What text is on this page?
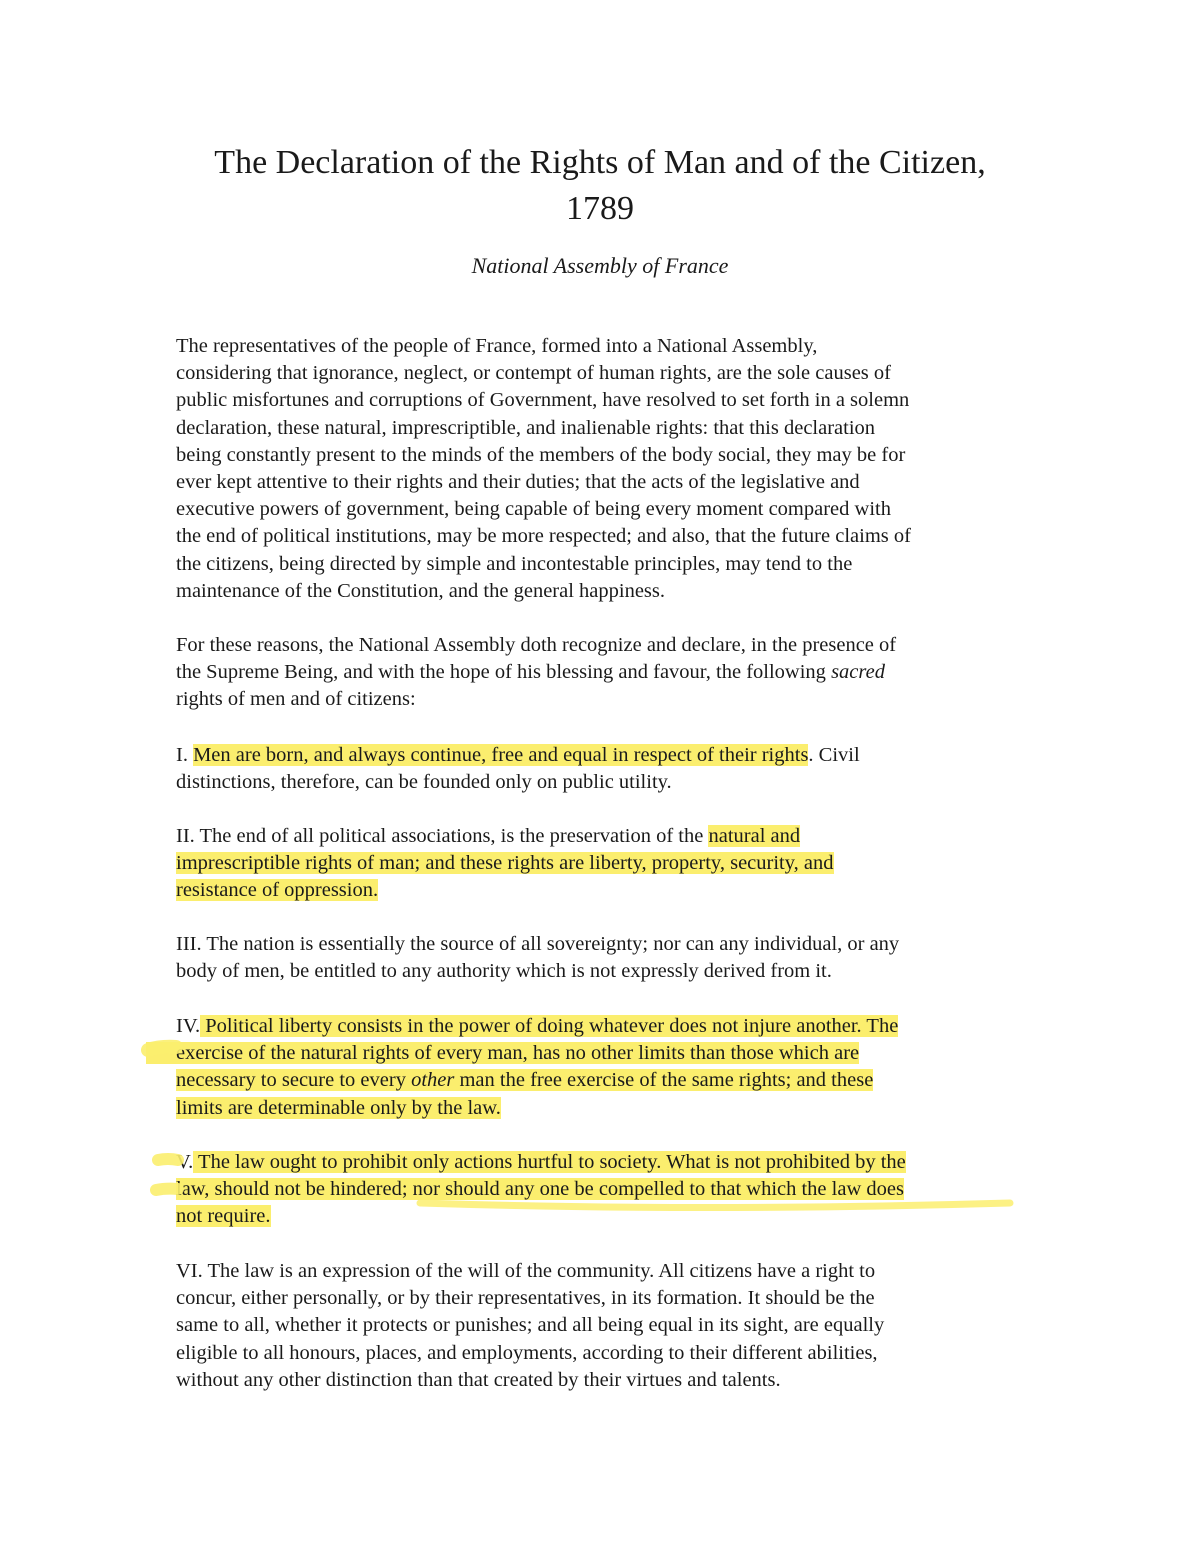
The Declaration of the Rights of Man and of the Citizen,
1789

National Assembly of France

The representatives of the people of France, formed into a National Assembly,
considering that ignorance, neglect, or contempt of human rights, are the sole causes of
public misfortunes and corruptions of Government, have resolved to set forth in a solemn
declaration, these natural, imprescriptible, and inalienable rights: that this declaration
being constantly present to the minds of the members of the body social, they may be for
ever kept attentive to their rights and their duties; that the acts of the legislative and
executive powers of government, being capable of being every moment compared with
the end of political institutions, may be more respected; and also, that the future claims of
the citizens, being directed by simple and incontestable principles, may tend to the
maintenance of the Constitution, and the general happiness.

For these reasons, the National Assembly doth recognize and declare, in the presence of
the Supreme Being, and with the hope of his blessing and favour, the following sacred
rights of men and of citizens:

I. Men are born, and always continue, free and equal in respect of their rights. Civil
distinctions, therefore, can be founded only on public utility.

II. The end of all political associations, is the preservation of the natural and
imprescriptible rights of man; and these rights are liberty, property, security, and
resistance of oppression.

III. The nation is essentially the source of all sovereignty; nor can any individual, or any
body of men, be entitled to any authority which is not expressly derived from it.

IV. Political liberty consists in the power of doing whatever does not injure another. The
exercise of the natural rights of every man, has no other limits than those which are
necessary to secure to every other man the free exercise of the same rights; and these
limits are determinable only by the law.

V. The law ought to prohibit only actions hurtful to society. What is not prohibited by the
law, should not be hindered; nor should any one be compelled to that which the law does
not require.

VI. The law is an expression of the will of the community. All citizens have a right to
concur, either personally, or by their representatives, in its formation. It should be the
same to all, whether it protects or punishes; and all being equal in its sight, are equally
eligible to all honours, places, and employments, according to their different abilities,
without any other distinction than that created by their virtues and talents.
